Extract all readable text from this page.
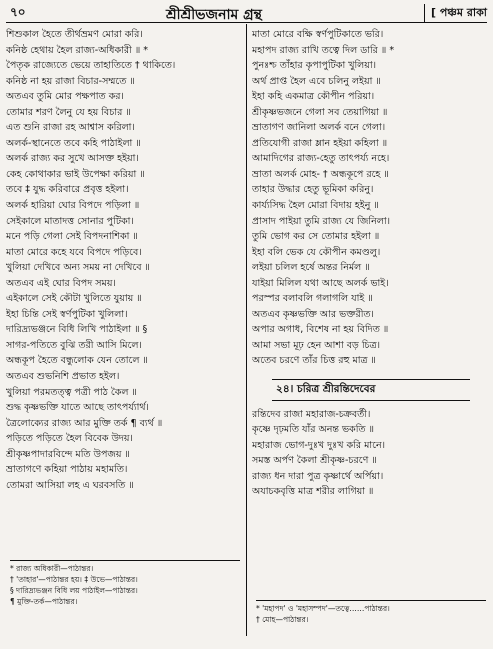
৭০	শ্রীশ্রীভজনাম গ্রন্থ	[ পঞ্চম রাকা
শিশুকাল হৈতে তীর্থভ্রমণ মোরা করি।
কনিষ্ঠ হেথায় হৈল রাজ্য-অধিকারী ॥ *
পৈতৃক রাজ্যেতে ভেয়ে তাহাতিতে † থাকিতে।
কনিষ্ঠ না হয় রাজা বিচার-সম্মতে ॥
অতএব তুমি মোর পক্ষপাত কর।
তোমার শরণ লৈনু যে হয় বিচার ॥
এত শুনি রাজা রহ আশ্বাস করিলা।
অলর্ক-স্থানেতে তবে কহি পাঠাইলা ॥
অলর্ক রাজ্য কর সুখে আসক্ত হইয়া।
কেহ কোথাকার ভাই উপেক্ষা করিয়া ॥
তবে ‡ যুদ্ধ করিবারে প্রবৃত্ত হইলা।
অলর্ক হারিয়া ঘোর বিপদে পড়িলা ॥
সেইকালে মাতাদত্ত সোনার পুটিকা।
মনে পড়ি গেলা সেই বিপদনাশিকা ॥
মাতা মোরে কহে যবে বিপদে পড়িবে।
খুলিয়া দেখিবে অন্য সময় না দেখিবে ॥
অতএব এই ঘোর বিপদ সময়।
এইকালে সেই কৌটা খুলিতে যুয়ায় ॥
ইহা চিন্তি সেই স্বর্ণপুটিকা খুলিলা।
দারিদ্র্যভঞ্জনে বিধি লিখি পাঠাইলা ॥ §
সাগর-পতিতে বুঝি তরী আসি মিলে।
অন্ধকূপ হৈতে বন্ধুলোক যেন তোলে ॥
অতএব শুভনিশি প্রভাত হইল।
খুলিয়া পরমতত্ত্ব পত্রী পাঠ কৈল ॥
শুদ্ধ কৃষ্ণভক্তি যাতে আছে তাৎপর্য্যার্থ।
ত্রৈলোক্যের রাজ্য আর মুক্তি তর্ক ¶ ব্যর্থ ॥
পড়িতে পড়িতে হৈল বিবেক উদয়।
শ্রীকৃষ্ণপাদারবিন্দে মতি উপজয় ॥
ভ্রাতাগণে কহিয়া পাঠায় মহামতি।
তোমরা আসিয়া লহ এ ঘরবসতি ॥
মাতা মোরে বক্ষি স্বর্ণপুটিকাতে ভরি।
মহাপদ রাজ্য রাখি তত্বে দিল ডারি ॥ *
পুনঃশ্চ তাঁহার কৃপাপুটিকা খুলিয়া।
অর্থ প্রাপ্ত হৈল এবে চলিনু লইয়া ॥
ইহা কহি একমাত্র কৌপীন পরিয়া।
শ্রীকৃষ্ণভজনে গেলা সব তেয়াগিয়া ॥
ভ্রাতাগণ জানিলা অলর্ক বনে গেলা।
প্রতিযোগী রাজা ম্লান হইয়া কহিলা ॥
আমাদিগের রাজ্য-হেতু তাৎপর্য্য নহে।
ভ্রাতা অলর্ক মোহ- † অন্ধকূপে রহে ॥
তাহার উদ্ধার হেতু ভূমিকা করিনু।
কার্য্যসিদ্ধ হৈল মোরা বিদায় হইনু ॥
প্রাসাদ পাইয়া তুমি রাজ্য যে জিনিলা।
তুমি ভোগ কর সে তোমার হইলা ॥
ইহা বলি ভেক যে কৌপীন কমণ্ডলু।
লইয়া চলিল হর্ষে অন্তর নির্মল ॥
যাইয়া মিলিল যথা আছে অলর্ক ভাই।
পরস্পর বলাবলি গলাগলি যাই ॥
অতএব কৃষ্ণভক্তি আর ভক্তরীত।
অপার অগাধ, বিশেষ না হয় বিদিত ॥
আমা সভা মূঢ় হেন আশা বড় চিত্র।
অতেব চরণে তাঁর চিত্ত রহু মাত্র ॥
২৪। চরিত্র শ্রীরন্তিদেবের
রন্তিদেব রাজা মহারাজ-চক্রবর্তী।
কৃষ্ণে দৃঢ়মতি যাঁর অনন্ত ভকতি ॥
মহারাজ ভোগ-দুঃখ দুঃখ করি মানে।
সমস্ত অর্পণ কৈলা শ্রীকৃষ্ণ-চরণে ॥
রাজ্য ধন দারা পুত্র কৃষ্ণার্থে অর্পিয়া।
অযাচকবৃত্তি মাত্র শরীর লাগিয়া ॥
* রাজ্য অধিকারী—পাঠান্তর।
† 'তাহার'—পাঠান্তর হয়। ‡ উভে—পাঠান্তর।
§ দারিদ্র্যভঞ্জন বিধি লয় পাঠাইল—পাঠান্তর।
¶ মুক্তি-তর্ক—পাঠান্তর।
* 'মহাপদ' ও 'মহাসম্পদ'—তত্বে……পাঠান্তর।
† মোহ—পাঠান্তর।
